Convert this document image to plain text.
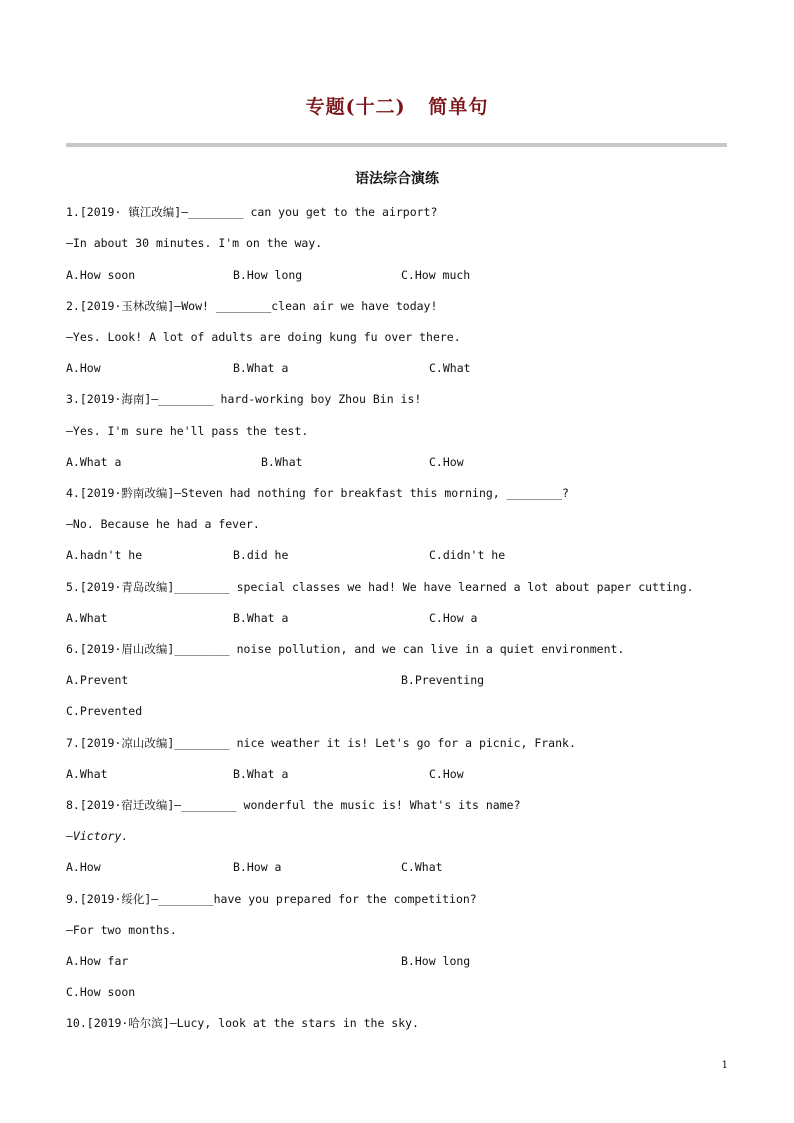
专题(十二)   简单句
语法综合演练
1.[2019· 镇江改编]—________ can you get to the airport?
—In about 30 minutes. I'm on the way.

A.How soon

	B.How long

	C.How much

2.[2019·玉林改编]—Wow! ________clean air we have today!
—Yes. Look! A lot of adults are doing kung fu over there.

A.How

	B.What a

	C.What

3.[2019·海南]—________ hard-working boy Zhou Bin is!
—Yes. I'm sure he'll pass the test.

A.What a

	B.What

	C.How

4.[2019·黔南改编]—Steven had nothing for breakfast this morning, ________?
—No. Because he had a fever.

A.hadn't he

	B.did he

	C.didn't he

5.[2019·青岛改编]________ special classes we had! We have learned a lot about paper cutting.

A.What

	B.What a

	C.How a

6.[2019·眉山改编]________ noise pollution, and we can live in a quiet environment.

A.Prevent

	B.Preventing

C.Prevented
7.[2019·凉山改编]________ nice weather it is! Let's go for a picnic, Frank.

A.What

	B.What a

	C.How

8.[2019·宿迁改编]—________ wonderful the music is! What's its name?
—Victory.

A.How

	B.How a

	C.What

9.[2019·绥化]—________have you prepared for the competition?
—For two months.

A.How far

	B.How long

C.How soon
10.[2019·哈尔滨]—Lucy, look at the stars in the sky.
1
